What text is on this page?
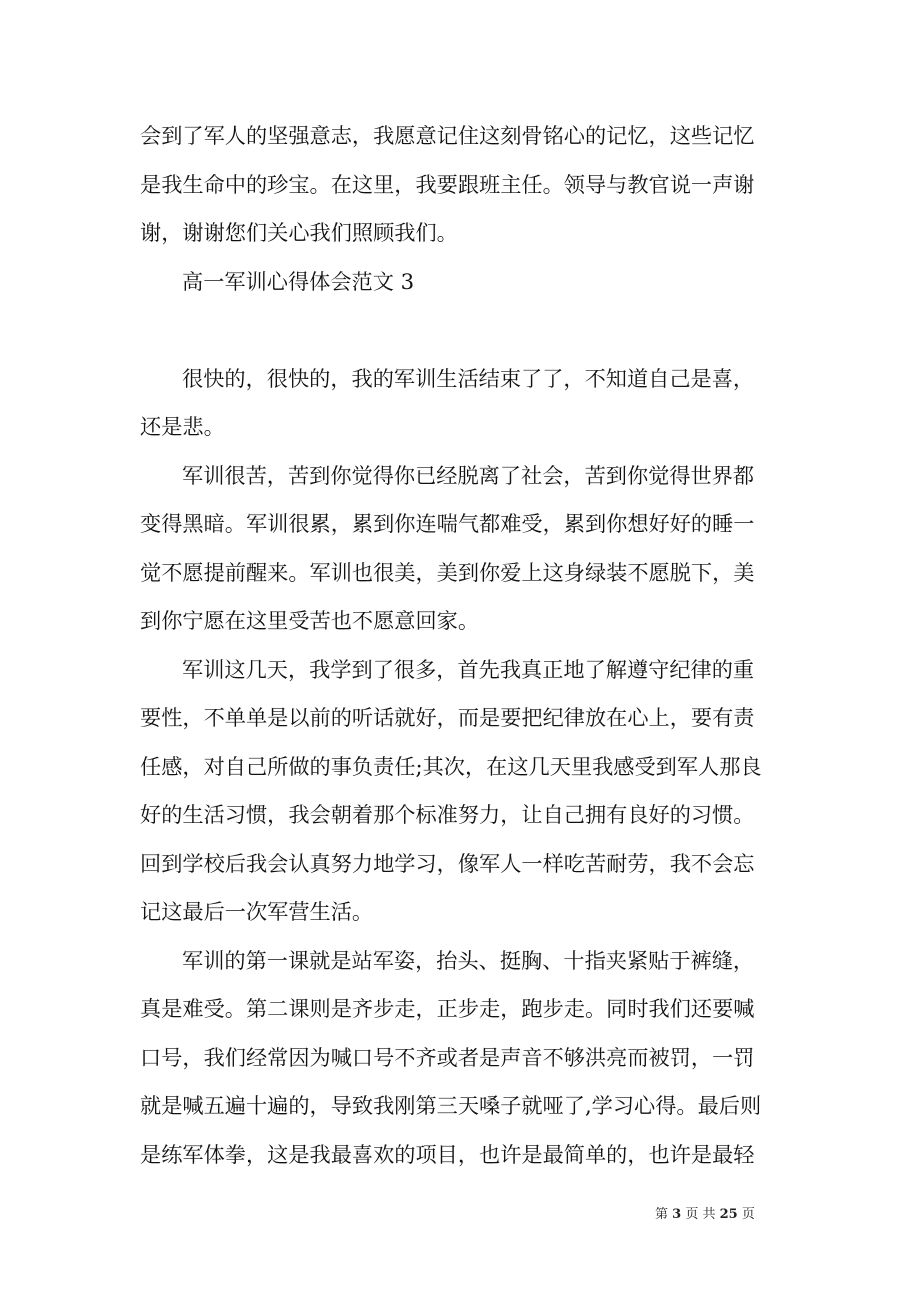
会到了军人的坚强意志，我愿意记住这刻骨铭心的记忆，这些记忆
是我生命中的珍宝。在这里，我要跟班主任。领导与教官说一声谢
谢，谢谢您们关心我们照顾我们。
高一军训心得体会范文 3
很快的，很快的，我的军训生活结束了了，不知道自己是喜，
还是悲。
军训很苦，苦到你觉得你已经脱离了社会，苦到你觉得世界都
变得黑暗。军训很累，累到你连喘气都难受，累到你想好好的睡一
觉不愿提前醒来。军训也很美，美到你爱上这身绿装不愿脱下，美
到你宁愿在这里受苦也不愿意回家。
军训这几天，我学到了很多，首先我真正地了解遵守纪律的重
要性，不单单是以前的听话就好，而是要把纪律放在心上，要有责
任感，对自己所做的事负责任;其次，在这几天里我感受到军人那良
好的生活习惯，我会朝着那个标准努力，让自己拥有良好的习惯。
回到学校后我会认真努力地学习，像军人一样吃苦耐劳，我不会忘
记这最后一次军营生活。
军训的第一课就是站军姿，抬头、挺胸、十指夹紧贴于裤缝，
真是难受。第二课则是齐步走，正步走，跑步走。同时我们还要喊
口号，我们经常因为喊口号不齐或者是声音不够洪亮而被罚，一罚
就是喊五遍十遍的，导致我刚第三天嗓子就哑了,学习心得。最后则
是练军体拳，这是我最喜欢的项目，也许是最简单的，也许是最轻
第 3 页 共 25 页
